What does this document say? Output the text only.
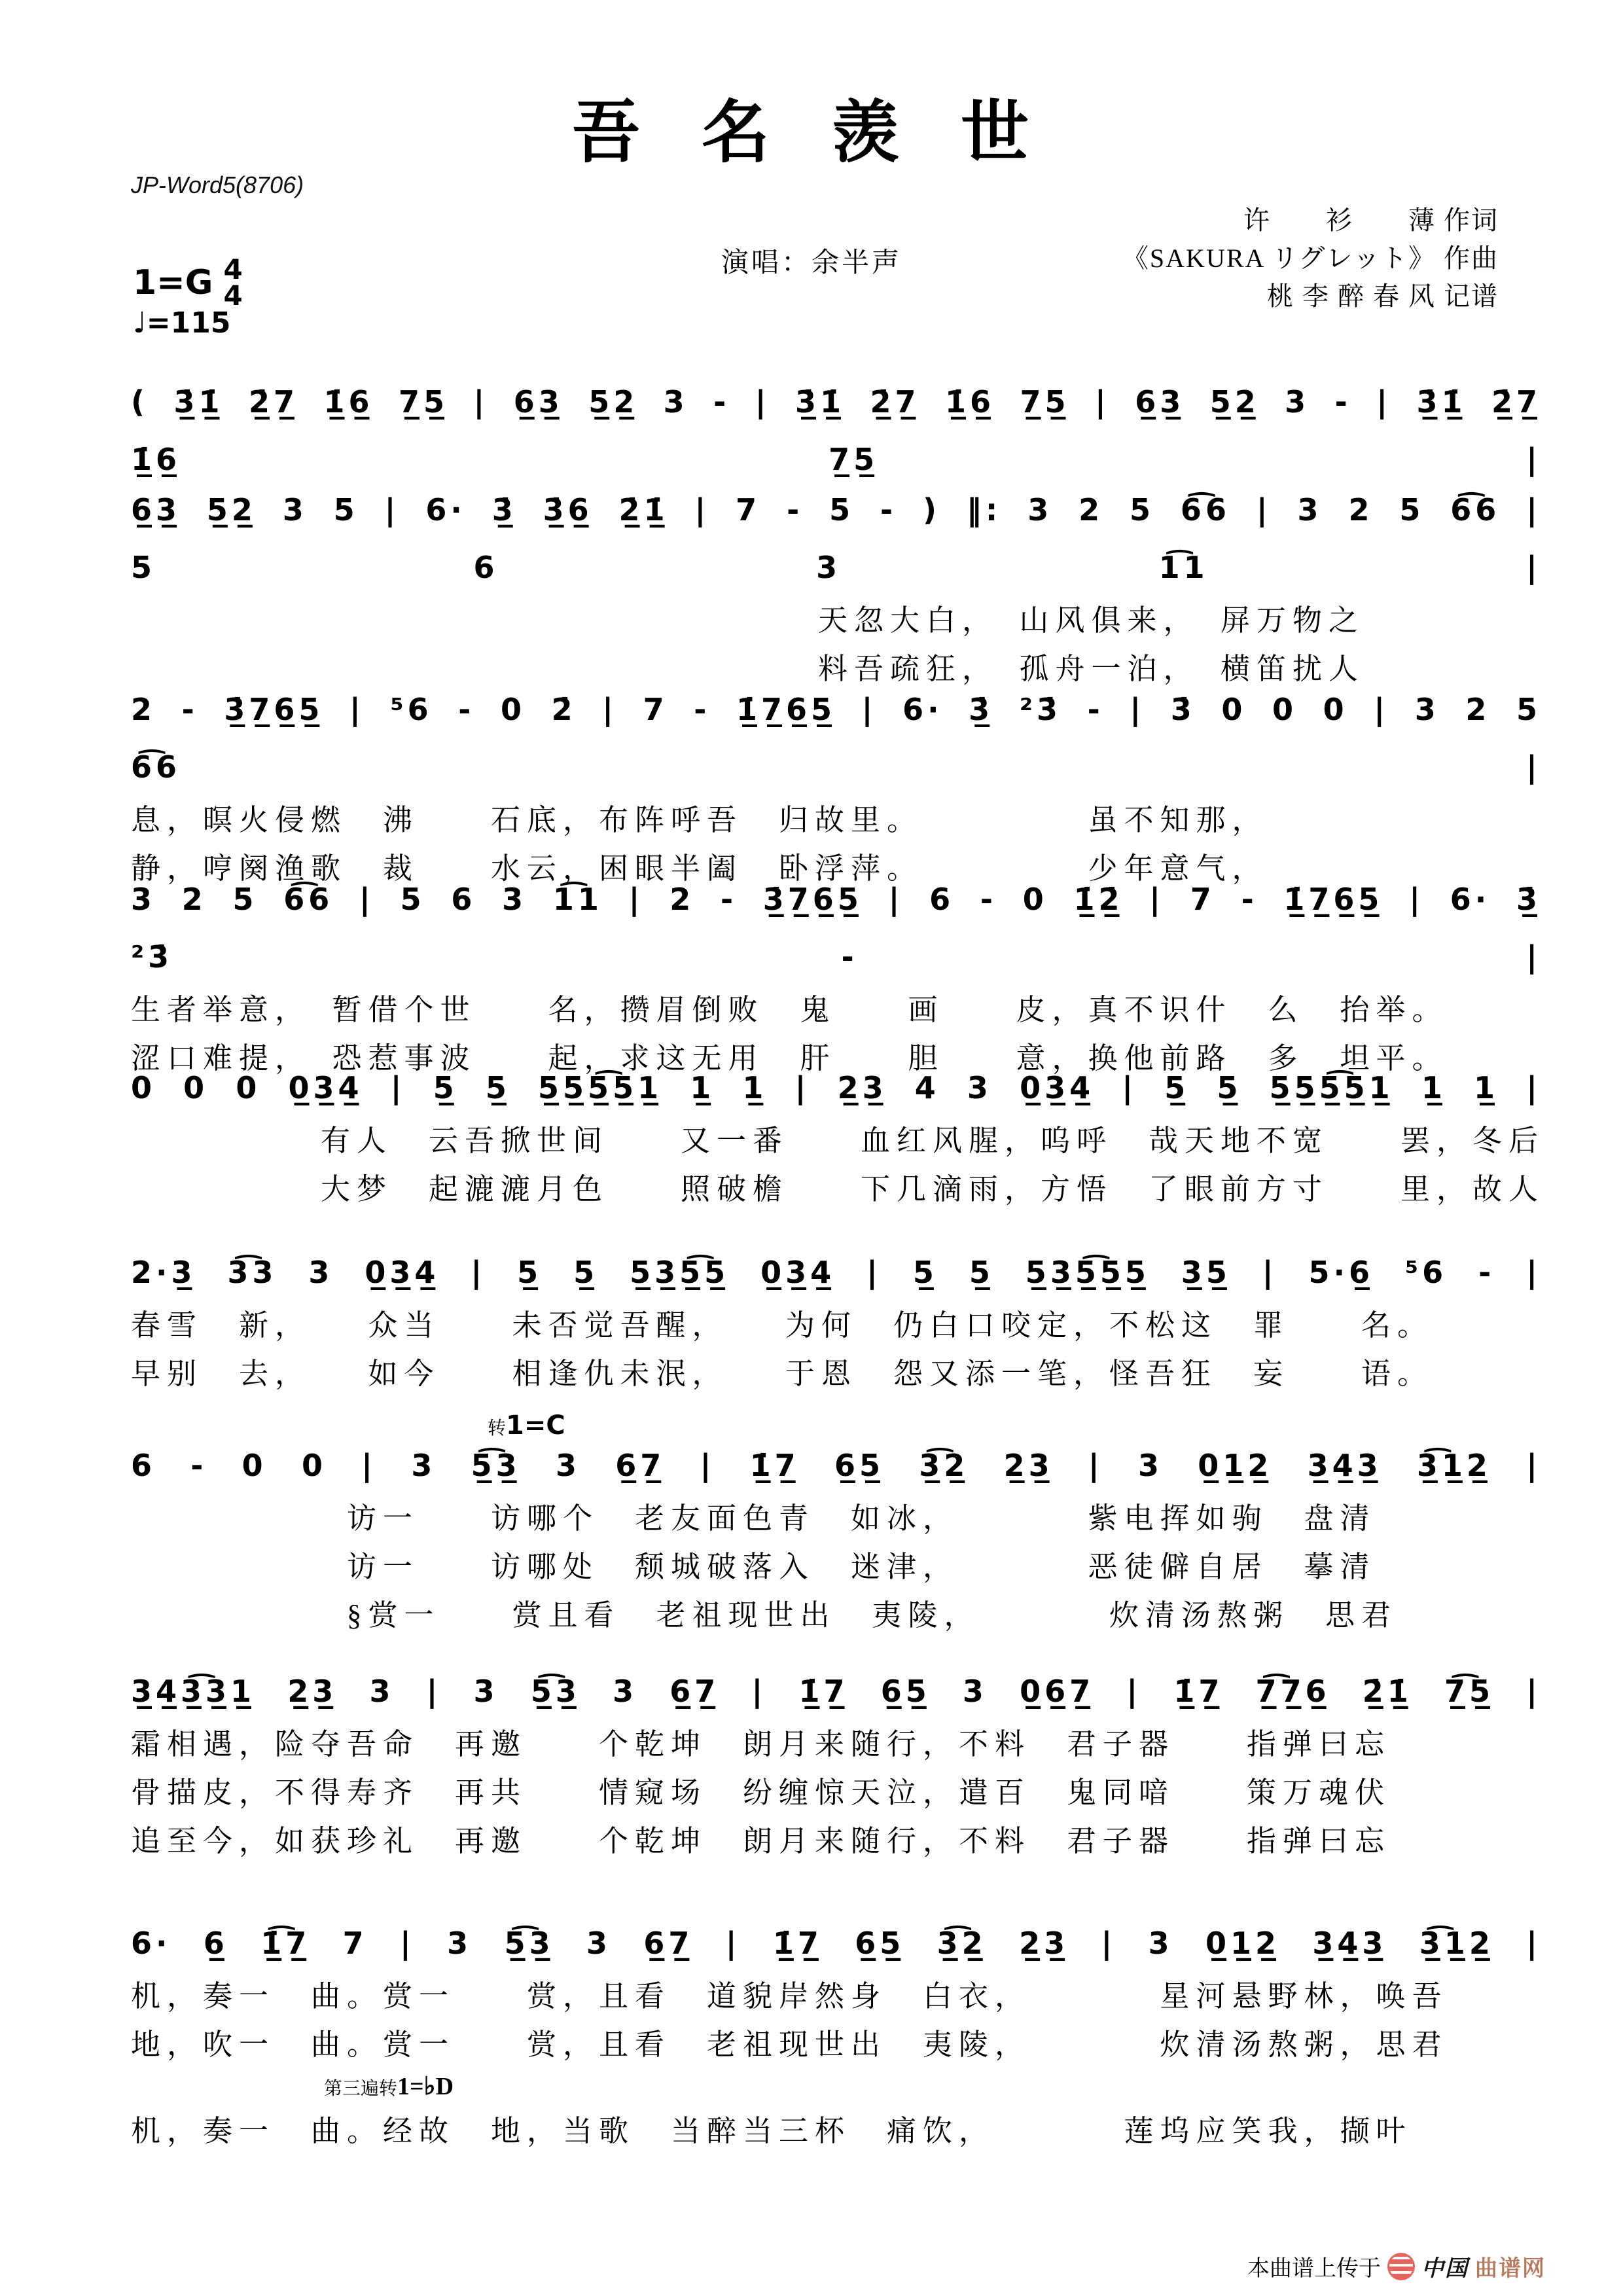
JP-Word5(8706)
吾 名 羡 世
演唱：余半声
许　　衫　　薄 作词
《SAKURA リグレット》 作曲
桃 李 醉 春 风 记谱
1=G 4
4
♩=115
( 3̲̇1̲̇ 2̲̇7̲ 1̲̇6̲ 7̲5̲ | 6̲3̲ 5̲2̲ 3 - | 3̲̇1̲̇ 2̲̇7̲ 1̲̇6̲ 7̲5̲ | 6̲3̲ 5̲2̲ 3 - | 3̲̇1̲̇ 2̲̇7̲ 1̲̇6̲ 7̲5̲ |
6̲3̲ 5̲2̲ 3 5 | 6· 3̲̇ 3̲̇6̲ 2̲̇1̲̇ | 7 - 5 - ) ‖: 3 2 5 6͡6 | 3 2 5 6͡6 | 5 6 3 1͡1 |
天忽大白，　山风俱来，　屏万物之
料吾疏狂，　孤舟一泊，　横笛扰人
2 - 3̲̇7̲6̲5̲ | ⁵6 - 0 2̇ | 7 - 1̲̇7̲6̲5̲ | 6· 3̲̇ ²3̇ - | 3̇ 0 0 0 | 3 2 5 6͡6 |
息，暝火侵燃　沸　　石底，布阵呼吾　归故里。　　　　　虽不知那，
静，哼阕渔歌　裁　　水云，困眼半阖　卧浮萍。　　　　　少年意气，
3 2 5 6͡6 | 5 6 3 1͡1 | 2 - 3̲̇7̲6̲5̲ | 6 - 0 1̲̇2̲̇ | 7 - 1̲̇7̲6̲5̲ | 6· 3̲̇ ²3̇ - |
生者举意，　暂借个世　　名，攒眉倒败　鬼　　画　　皮，真不识什　么　抬举。
涩口难提，　恐惹事波　　起，求这无用　肝　　胆　　意，换他前路　多　坦平。
0 0 0 0̲3̲4̲ | 5̲ 5̲ 5̲5̲5̲͡5̲1̲ 1̲ 1̲ | 2̲3̲ 4 3 0̲3̲4̲ | 5̲ 5̲ 5̲5̲5̲͡5̲1̲ 1̲ 1̲ |
有人　云吾掀世间　　又一番　　血红风腥，呜呼　哉天地不宽　　罢，冬后
大梦　起漉漉月色　　照破檐　　下几滴雨，方悟　了眼前方寸　　里，故人
2·3̲ 3͡3 3 0̲3̲4̲ | 5̲ 5̲ 5̲3̲5̲͡5̲ 0̲3̲4̲ | 5̲ 5̲ 5̲3̲5̲͡5̲5̲ 3̲5̲ | 5·6̲ ⁵6 - |
春雪　新，　　众当　　未否觉吾醒，　　为何　仍白口咬定，不松这　罪　　名。
早别　去，　　如今　　相逢仇未泯，　　于恩　怨又添一笔，怪吾狂　妄　　语。
转1=C
6 - 0 0 | 3 5̲͡3̲ 3 6̲7̲ | 1̲̇7̲ 6̲5̲ 3̲͡2̲ 2̲3̲ | 3 0̲1̲2̲ 3̲4̲3̲ 3̲͡1̲2̲ |
访一　　访哪个　老友面色青　如冰，　　　　紫电挥如驹　盘清
访一　　访哪处　颓城破落入　迷津，　　　　恶徒僻自居　摹清
§赏一　　赏且看　老祖现世出　夷陵，　　　　炊清汤熬粥　思君
3̲4̲3̲͡3̲1̲ 2̲3̲ 3 | 3 5̲͡3̲ 3 6̲7̲ | 1̲̇7̲ 6̲5̲ 3 0̲6̲7̲ | 1̲̇7̲ 7̲͡7̲6̲ 2̲̇1̲̇ 7̲͡5̲ |
霜相遇，险夺吾命　再邀　　个乾坤　朗月来随行，不料　君子器　　指弹曰忘
骨描皮，不得寿齐　再共　　情窥场　纷缠惊天泣，遣百　鬼同喑　　策万魂伏
追至今，如获珍礼　再邀　　个乾坤　朗月来随行，不料　君子器　　指弹曰忘
6· 6̲ 1̲̇͡7̲ 7 | 3 5̲͡3̲ 3 6̲7̲ | 1̲̇7̲ 6̲5̲ 3̲͡2̲ 2̲3̲ | 3 0̲1̲2̲ 3̲4̲3̲ 3̲͡1̲2̲ |
机，奏一　曲。赏一　　赏，且看　道貌岸然身　白衣，　　　　星河悬野林，唤吾
地，吹一　曲。赏一　　赏，且看　老祖现世出　夷陵，　　　　炊清汤熬粥，思君
第三遍转1=♭D
机，奏一　曲。经故　地，当歌　当醉当三杯　痛饮，　　　　莲坞应笑我，撷叶
本曲谱上传于 中国 曲谱网
